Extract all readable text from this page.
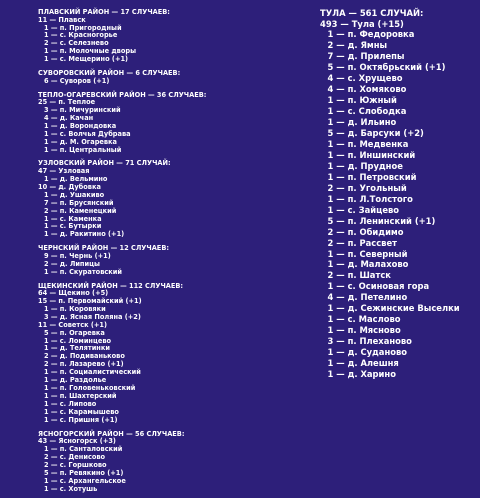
ПЛАВСКИЙ РАЙОН — 17 СЛУЧАЕВ:
11 — Плавск
1 — п. Пригородный
1 — с. Красногорье
2 — с. Селезнево
1 — п. Молочные дворы
1 — с. Мещерино (+1)
СУВОРОВСКИЙ РАЙОН — 6 СЛУЧАЕВ:
6 — Суворов (+1)
ТЕПЛО-ОГАРЕВСКИЙ РАЙОН — 36 СЛУЧАЕВ:
25 — п. Теплое
3 — п. Мичуринский
4 — д. Качан
1 — д. Ворондовка
1 — с. Волчья Дубрава
1 — д. М. Огаревка
1 — п. Центральный
УЗЛОВСКИЙ РАЙОН — 71 СЛУЧАЙ:
47 — Узловая
1 — д. Вельмино
10 — д. Дубовка
1 — д. Ушакиво
7 — п. Брусянский
2 — п. Каменецкий
1 — с. Каменка
1 — с. Бутырки
1 — д. Ракитино (+1)
ЧЕРНСКИЙ РАЙОН — 12 СЛУЧАЕВ:
9 — п. Чернь (+1)
2 — д. Липицы
1 — п. Скуратовский
ЩЕКИНСКИЙ РАЙОН — 112 СЛУЧАЕВ:
64 — Щекино (+5)
15 — п. Первомайский (+1)
1 — п. Коровяки
3 — д. Ясная Поляна (+2)
11 — Советск (+1)
5 — п. Огаревка
1 — с. Ломинцево
1 — д. Телятинки
2 — д. Подиваньково
2 — п. Лазарево (+1)
1 — п. Социалистический
1 — д. Раздолье
1 — п. Головеньковский
1 — п. Шахтерский
1 — с. Липово
1 — с. Карамышево
1 — с. Пришня (+1)
ЯСНОГОРСКИЙ РАЙОН — 56 СЛУЧАЕВ:
43 — Ясногорск (+3)
1 — п. Санталовский
2 — с. Денисово
2 — с. Горшково
5 — п. Ревякино (+1)
1 — с. Архангельское
1 — с. Хотушь
ТУЛА — 561 СЛУЧАЙ:
493 — Тула (+15)
1 — п. Федоровка
2 — д. Ямны
7 — д. Прилепы
5 — п. Октябрьский (+1)
4 — с. Хрущево
4 — п. Хомяково
1 — п. Южный
1 — с. Слободка
1 — д. Ильино
5 — д. Барсуки (+2)
1 — п. Медвенка
1 — п. Иншинский
1 — д. Прудное
1 — п. Петровский
2 — п. Угольный
1 — п. Л.Толстого
1 — с. Зайцево
5 — п. Ленинский (+1)
2 — п. Обидимо
2 — п. Рассвет
1 — п. Северный
1 — д. Малахово
2 — п. Шатск
1 — с. Осиновая гора
4 — д. Петелино
1 — д. Сежинские Выселки
1 — с. Маслово
1 — п. Мясново
3 — п. Плеханово
1 — д. Суданово
1 — д. Алешня
1 — д. Харино
